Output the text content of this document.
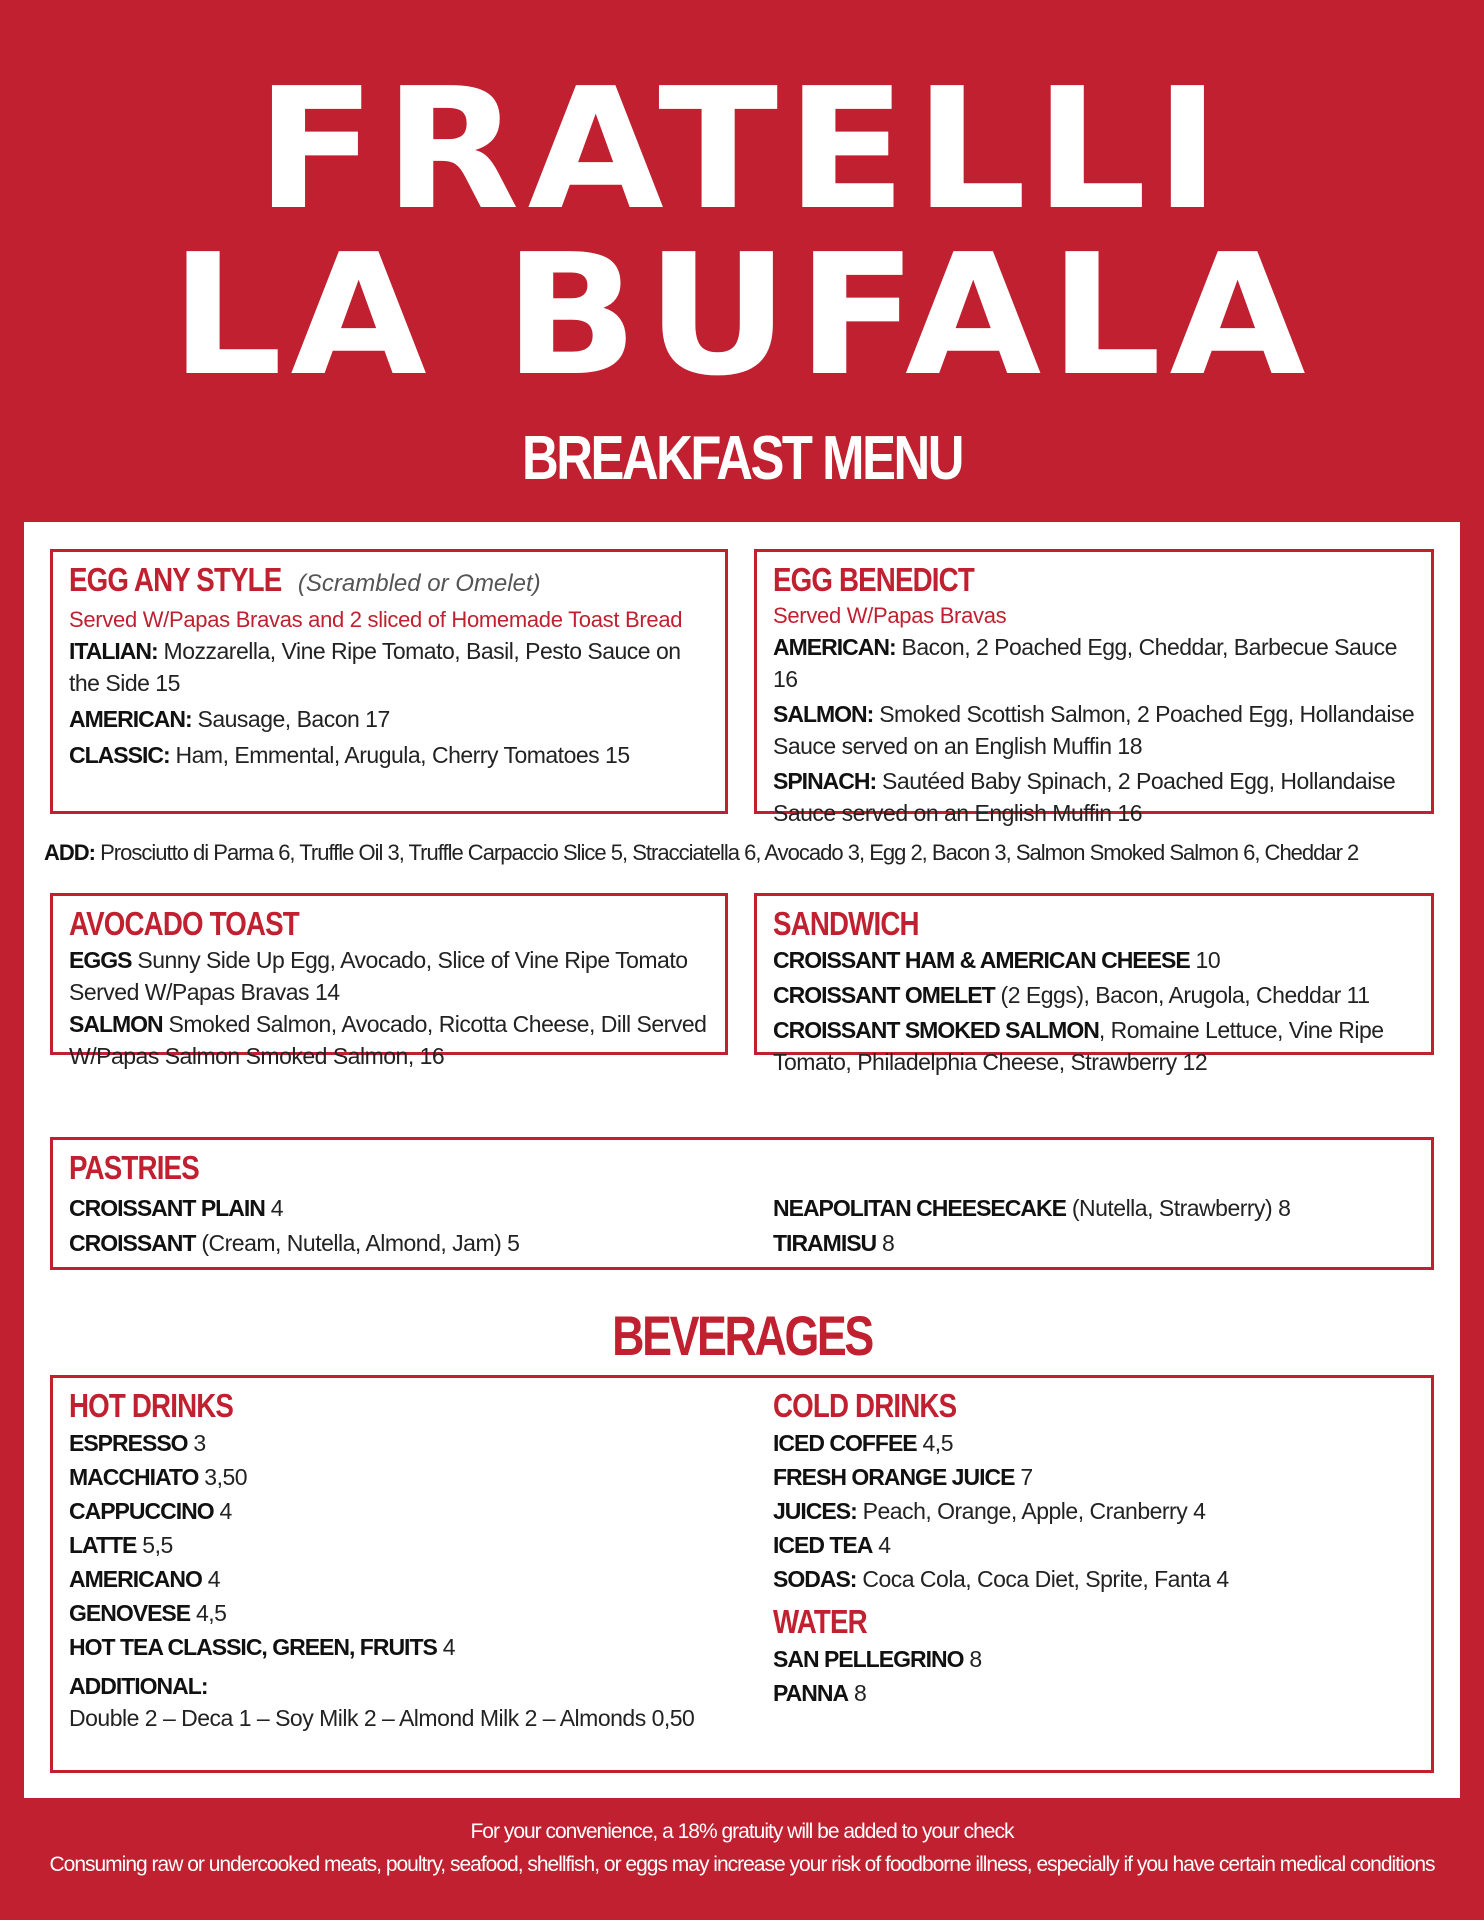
FRATELLI
LA BUFALA
BREAKFAST MENU
EGG ANY STYLE (Scrambled or Omelet)
Served W/Papas Bravas and 2 sliced of Homemade Toast Bread
ITALIAN: Mozzarella, Vine Ripe Tomato, Basil, Pesto Sauce on
the Side 15
AMERICAN: Sausage, Bacon 17
CLASSIC: Ham, Emmental, Arugula, Cherry Tomatoes 15
EGG BENEDICT
Served W/Papas Bravas
AMERICAN: Bacon, 2 Poached Egg, Cheddar, Barbecue Sauce 16
SALMON: Smoked Scottish Salmon, 2 Poached Egg, Hollandaise
Sauce served on an English Muffin 18
SPINACH: Sautéed Baby Spinach, 2 Poached Egg, Hollandaise
Sauce served on an English Muffin 16
AVOCADO TOAST
EGGS Sunny Side Up Egg, Avocado, Slice of Vine Ripe Tomato
Served W/Papas Bravas 14
SALMON Smoked Salmon, Avocado, Ricotta Cheese, Dill Served
W/Papas Salmon Smoked Salmon, 16
SANDWICH
CROISSANT HAM & AMERICAN CHEESE 10
CROISSANT OMELET (2 Eggs), Bacon, Arugola, Cheddar 11
CROISSANT SMOKED SALMON, Romaine Lettuce, Vine Ripe
Tomato, Philadelphia Cheese, Strawberry 12
PASTRIES
CROISSANT PLAIN 4
CROISSANT (Cream, Nutella, Almond, Jam) 5
NEAPOLITAN CHEESECAKE (Nutella, Strawberry) 8
TIRAMISU 8
BEVERAGES
HOT DRINKS
ESPRESSO 3
MACCHIATO 3,50
CAPPUCCINO 4
LATTE 5,5
AMERICANO 4
GENOVESE 4,5
HOT TEA CLASSIC, GREEN, FRUITS 4
ADDITIONAL:
Double 2 – Deca 1 – Soy Milk 2 – Almond Milk 2 – Almonds 0,50
COLD DRINKS
ICED COFFEE 4,5
FRESH ORANGE JUICE 7
JUICES: Peach, Orange, Apple, Cranberry 4
ICED TEA 4
SODAS: Coca Cola, Coca Diet, Sprite, Fanta 4
WATER
SAN PELLEGRINO 8
PANNA 8
ADD: Prosciutto di Parma 6, Truffle Oil 3, Truffle Carpaccio Slice 5, Stracciatella 6, Avocado 3, Egg 2, Bacon 3, Salmon Smoked Salmon 6, Cheddar 2
For your convenience, a 18% gratuity will be added to your check
Consuming raw or undercooked meats, poultry, seafood, shellfish, or eggs may increase your risk of foodborne illness, especially if you have certain medical conditions
